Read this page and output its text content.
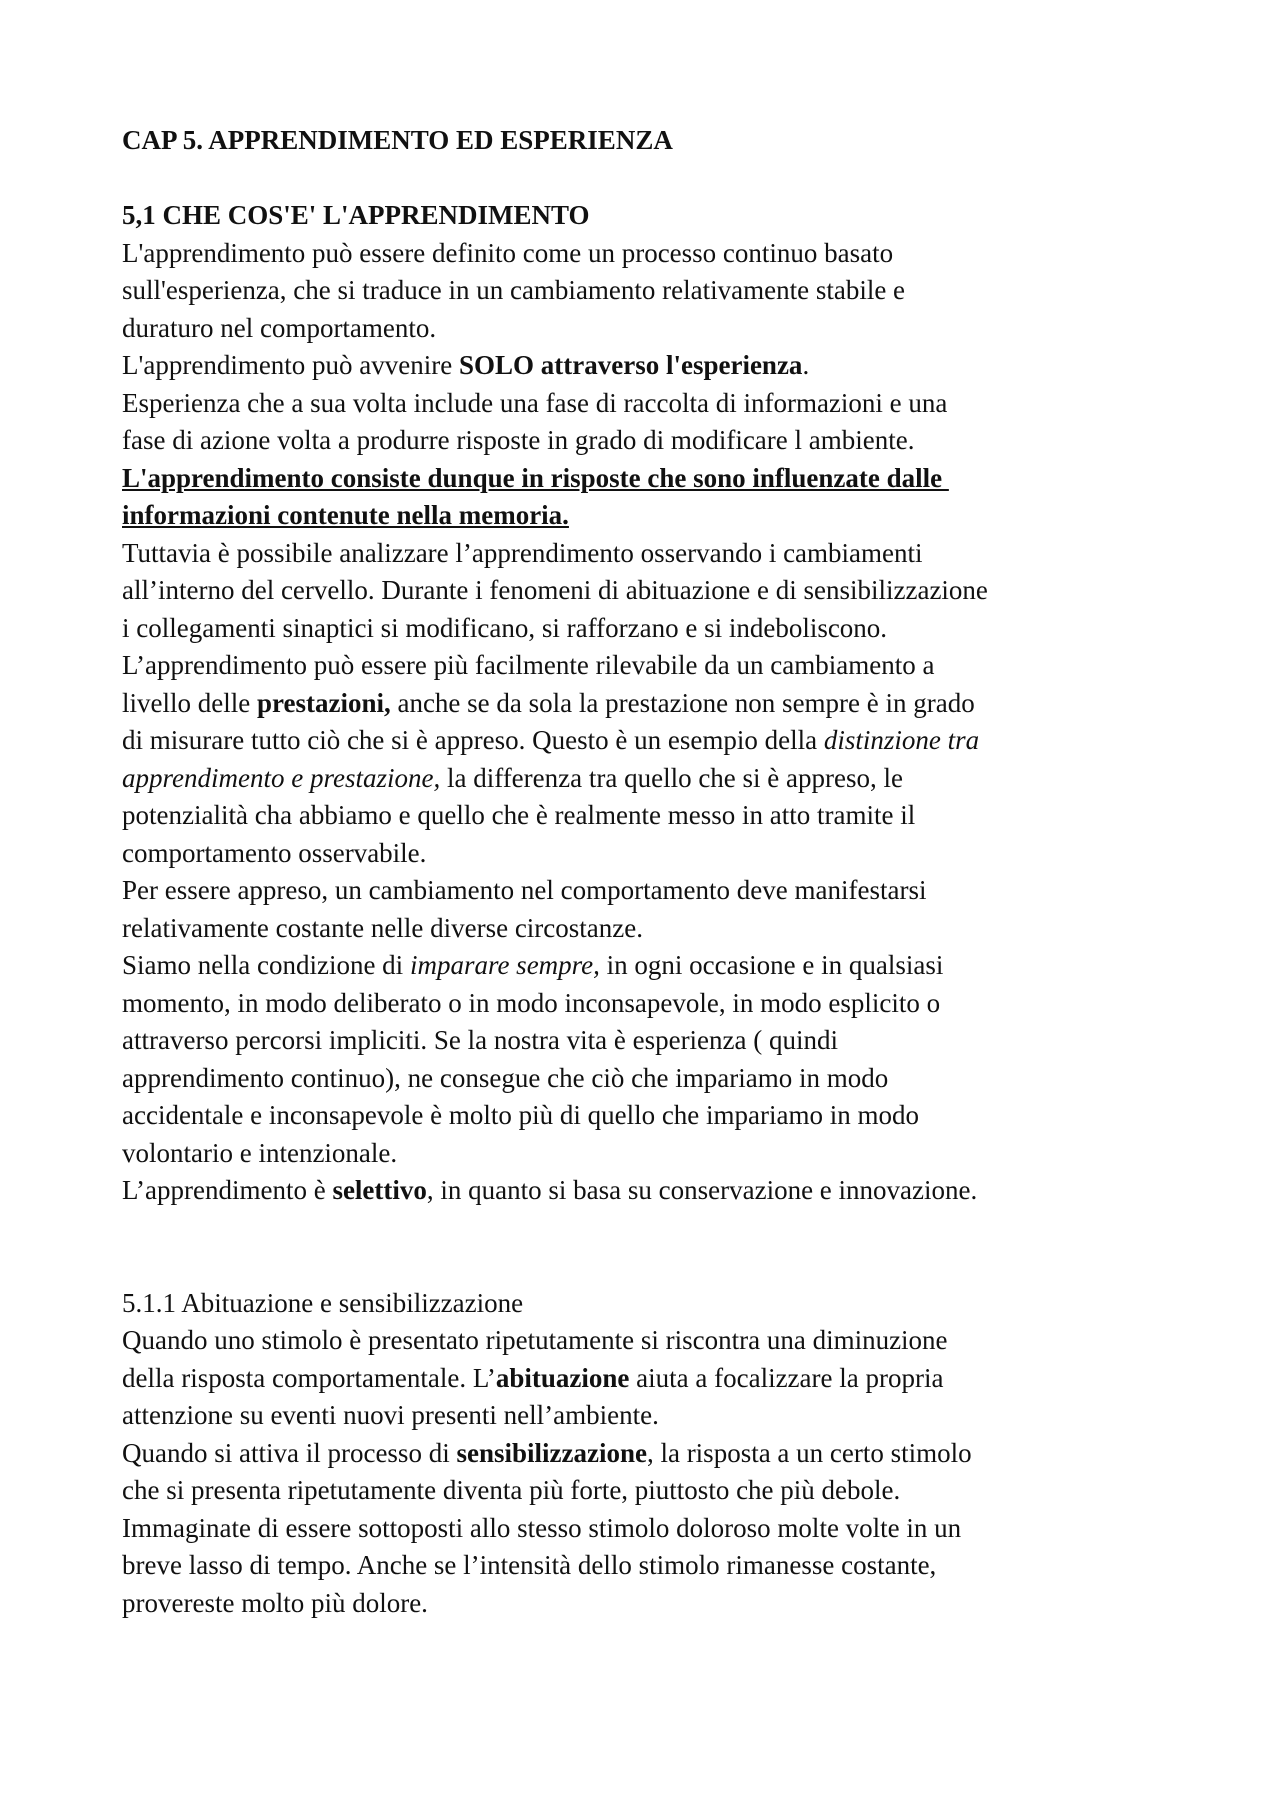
CAP 5. APPRENDIMENTO ED ESPERIENZA

5,1 CHE COS'E' L'APPRENDIMENTO

L'apprendimento può essere definito come un processo continuo basato

sull'esperienza, che si traduce in un cambiamento relativamente stabile e

duraturo nel comportamento.

L'apprendimento può avvenire SOLO attraverso l'esperienza.

Esperienza che a sua volta include una fase di raccolta di informazioni e una

fase di azione volta a produrre risposte in grado di modificare l ambiente.

L'apprendimento consiste dunque in risposte che sono influenzate dalle

informazioni contenute nella memoria.

Tuttavia è possibile analizzare l’apprendimento osservando i cambiamenti

all’interno del cervello. Durante i fenomeni di abituazione e di sensibilizzazione

i collegamenti sinaptici si modificano, si rafforzano e si indeboliscono.

L’apprendimento può essere più facilmente rilevabile da un cambiamento a

livello delle prestazioni, anche se da sola la prestazione non sempre è in grado

di misurare tutto ciò che si è appreso. Questo è un esempio della distinzione tra

apprendimento e prestazione, la differenza tra quello che si è appreso, le

potenzialità cha abbiamo e quello che è realmente messo in atto tramite il

comportamento osservabile.

Per essere appreso, un cambiamento nel comportamento deve manifestarsi

relativamente costante nelle diverse circostanze.

Siamo nella condizione di imparare sempre, in ogni occasione e in qualsiasi

momento, in modo deliberato o in modo inconsapevole, in modo esplicito o

attraverso percorsi impliciti. Se la nostra vita è esperienza ( quindi

apprendimento continuo), ne consegue che ciò che impariamo in modo

accidentale e inconsapevole è molto più di quello che impariamo in modo

volontario e intenzionale.

L’apprendimento è selettivo, in quanto si basa su conservazione e innovazione.

5.1.1 Abituazione e sensibilizzazione

Quando uno stimolo è presentato ripetutamente si riscontra una diminuzione

della risposta comportamentale. L’abituazione aiuta a focalizzare la propria

attenzione su eventi nuovi presenti nell’ambiente.

Quando si attiva il processo di sensibilizzazione, la risposta a un certo stimolo

che si presenta ripetutamente diventa più forte, piuttosto che più debole.

Immaginate di essere sottoposti allo stesso stimolo doloroso molte volte in un

breve lasso di tempo. Anche se l’intensità dello stimolo rimanesse costante,

provereste molto più dolore.
